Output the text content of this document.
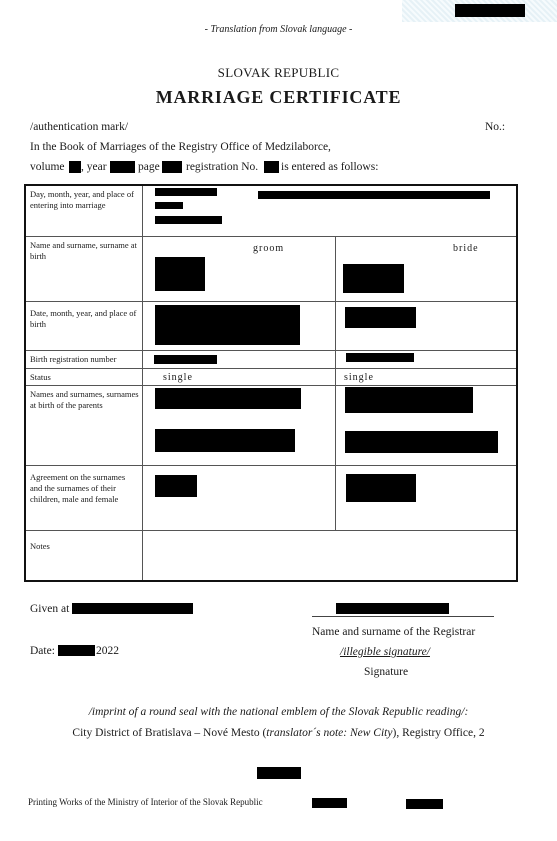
- Translation from Slovak language -
SLOVAK REPUBLIC
MARRIAGE CERTIFICATE
/authentication mark/	No.:
In the Book of Marriages of the Registry Office of Medzilaborce,
volume , year	page registration No. is entered as follows:
Day, month, year, and place of entering into marriage		
Name and surname, surname at birth	groom	bride

Date, month, year, and place of birth		
Birth registration number		
Status	single	single

Names and surnames, surnames at birth of the parents		
Agreement on the surnames and the surnames of their children, male and female		
Notes		
Given at
Name and surname of the Registrar
Date:	2022	/illegible signature/
Signature
/imprint of a round seal with the national emblem of the Slovak Republic reading/:
City District of Bratislava – Nové Mesto (translator´s note: New City), Registry Office, 2
Printing Works of the Ministry of Interior of the Slovak Republic
